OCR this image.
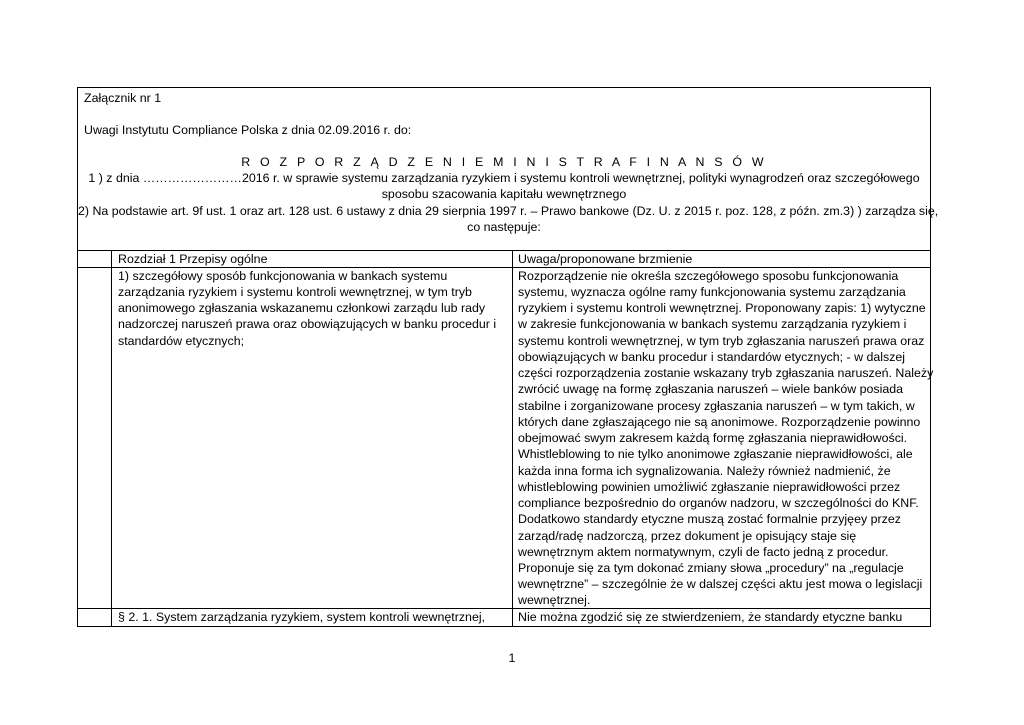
Załącznik nr 1
Uwagi Instytutu Compliance Polska z dnia 02.09.2016 r. do:
R O Z P O R Z Ą D Z E N I E M I N I S T R A F I N A N S Ó W
1 ) z dnia ……………………2016 r. w sprawie systemu zarządzania ryzykiem i systemu kontroli wewnętrznej, polityki wynagrodzeń oraz szczegółowego
sposobu szacowania kapitału wewnętrznego
2) Na podstawie art. 9f ust. 1 oraz art. 128 ust. 6 ustawy z dnia 29 sierpnia 1997 r. – Prawo bankowe (Dz. U. z 2015 r. poz. 128, z późn. zm.3) ) zarządza się,
co następuje:
Rozdział 1 Przepisy ogólne	Uwaga/proponowane brzmienie
1) szczegółowy sposób funkcjonowania w bankach systemu
zarządzania ryzykiem i systemu kontroli wewnętrznej, w tym tryb
anonimowego zgłaszania wskazanemu członkowi zarządu lub rady
nadzorczej naruszeń prawa oraz obowiązujących w banku procedur i
standardów etycznych;
Rozporządzenie nie określa szczegółowego sposobu funkcjonowania
systemu, wyznacza ogólne ramy funkcjonowania systemu zarządzania
ryzykiem i systemu kontroli wewnętrznej. Proponowany zapis: 1) wytyczne
w zakresie funkcjonowania w bankach systemu zarządzania ryzykiem i
systemu kontroli wewnętrznej, w tym tryb zgłaszania naruszeń prawa oraz
obowiązujących w banku procedur i standardów etycznych; - w dalszej
części rozporządzenia zostanie wskazany tryb zgłaszania naruszeń. Należy
zwrócić uwagę na formę zgłaszania naruszeń – wiele banków posiada
stabilne i zorganizowane procesy zgłaszania naruszeń – w tym takich, w
których dane zgłaszającego nie są anonimowe. Rozporządzenie powinno
obejmować swym zakresem każdą formę zgłaszania nieprawidłowości.
Whistleblowing to nie tylko anonimowe zgłaszanie nieprawidłowości, ale
każda inna forma ich sygnalizowania. Należy również nadmienić, że
whistleblowing powinien umożliwić zgłaszanie nieprawidłowości przez
compliance bezpośrednio do organów nadzoru, w szczególności do KNF.
Dodatkowo standardy etyczne muszą zostać formalnie przyjęey przez
zarząd/radę nadzorczą, przez dokument je opisujący staje się
wewnętrznym aktem normatywnym, czyli de facto jedną z procedur.
Proponuje się za tym dokonać zmiany słowa „procedury” na „regulacje
wewnętrzne” – szczególnie że w dalszej części aktu jest mowa o legislacji
wewnętrznej.
§ 2. 1. System zarządzania ryzykiem, system kontroli wewnętrznej,	Nie można zgodzić się ze stwierdzeniem, że standardy etyczne banku
1
